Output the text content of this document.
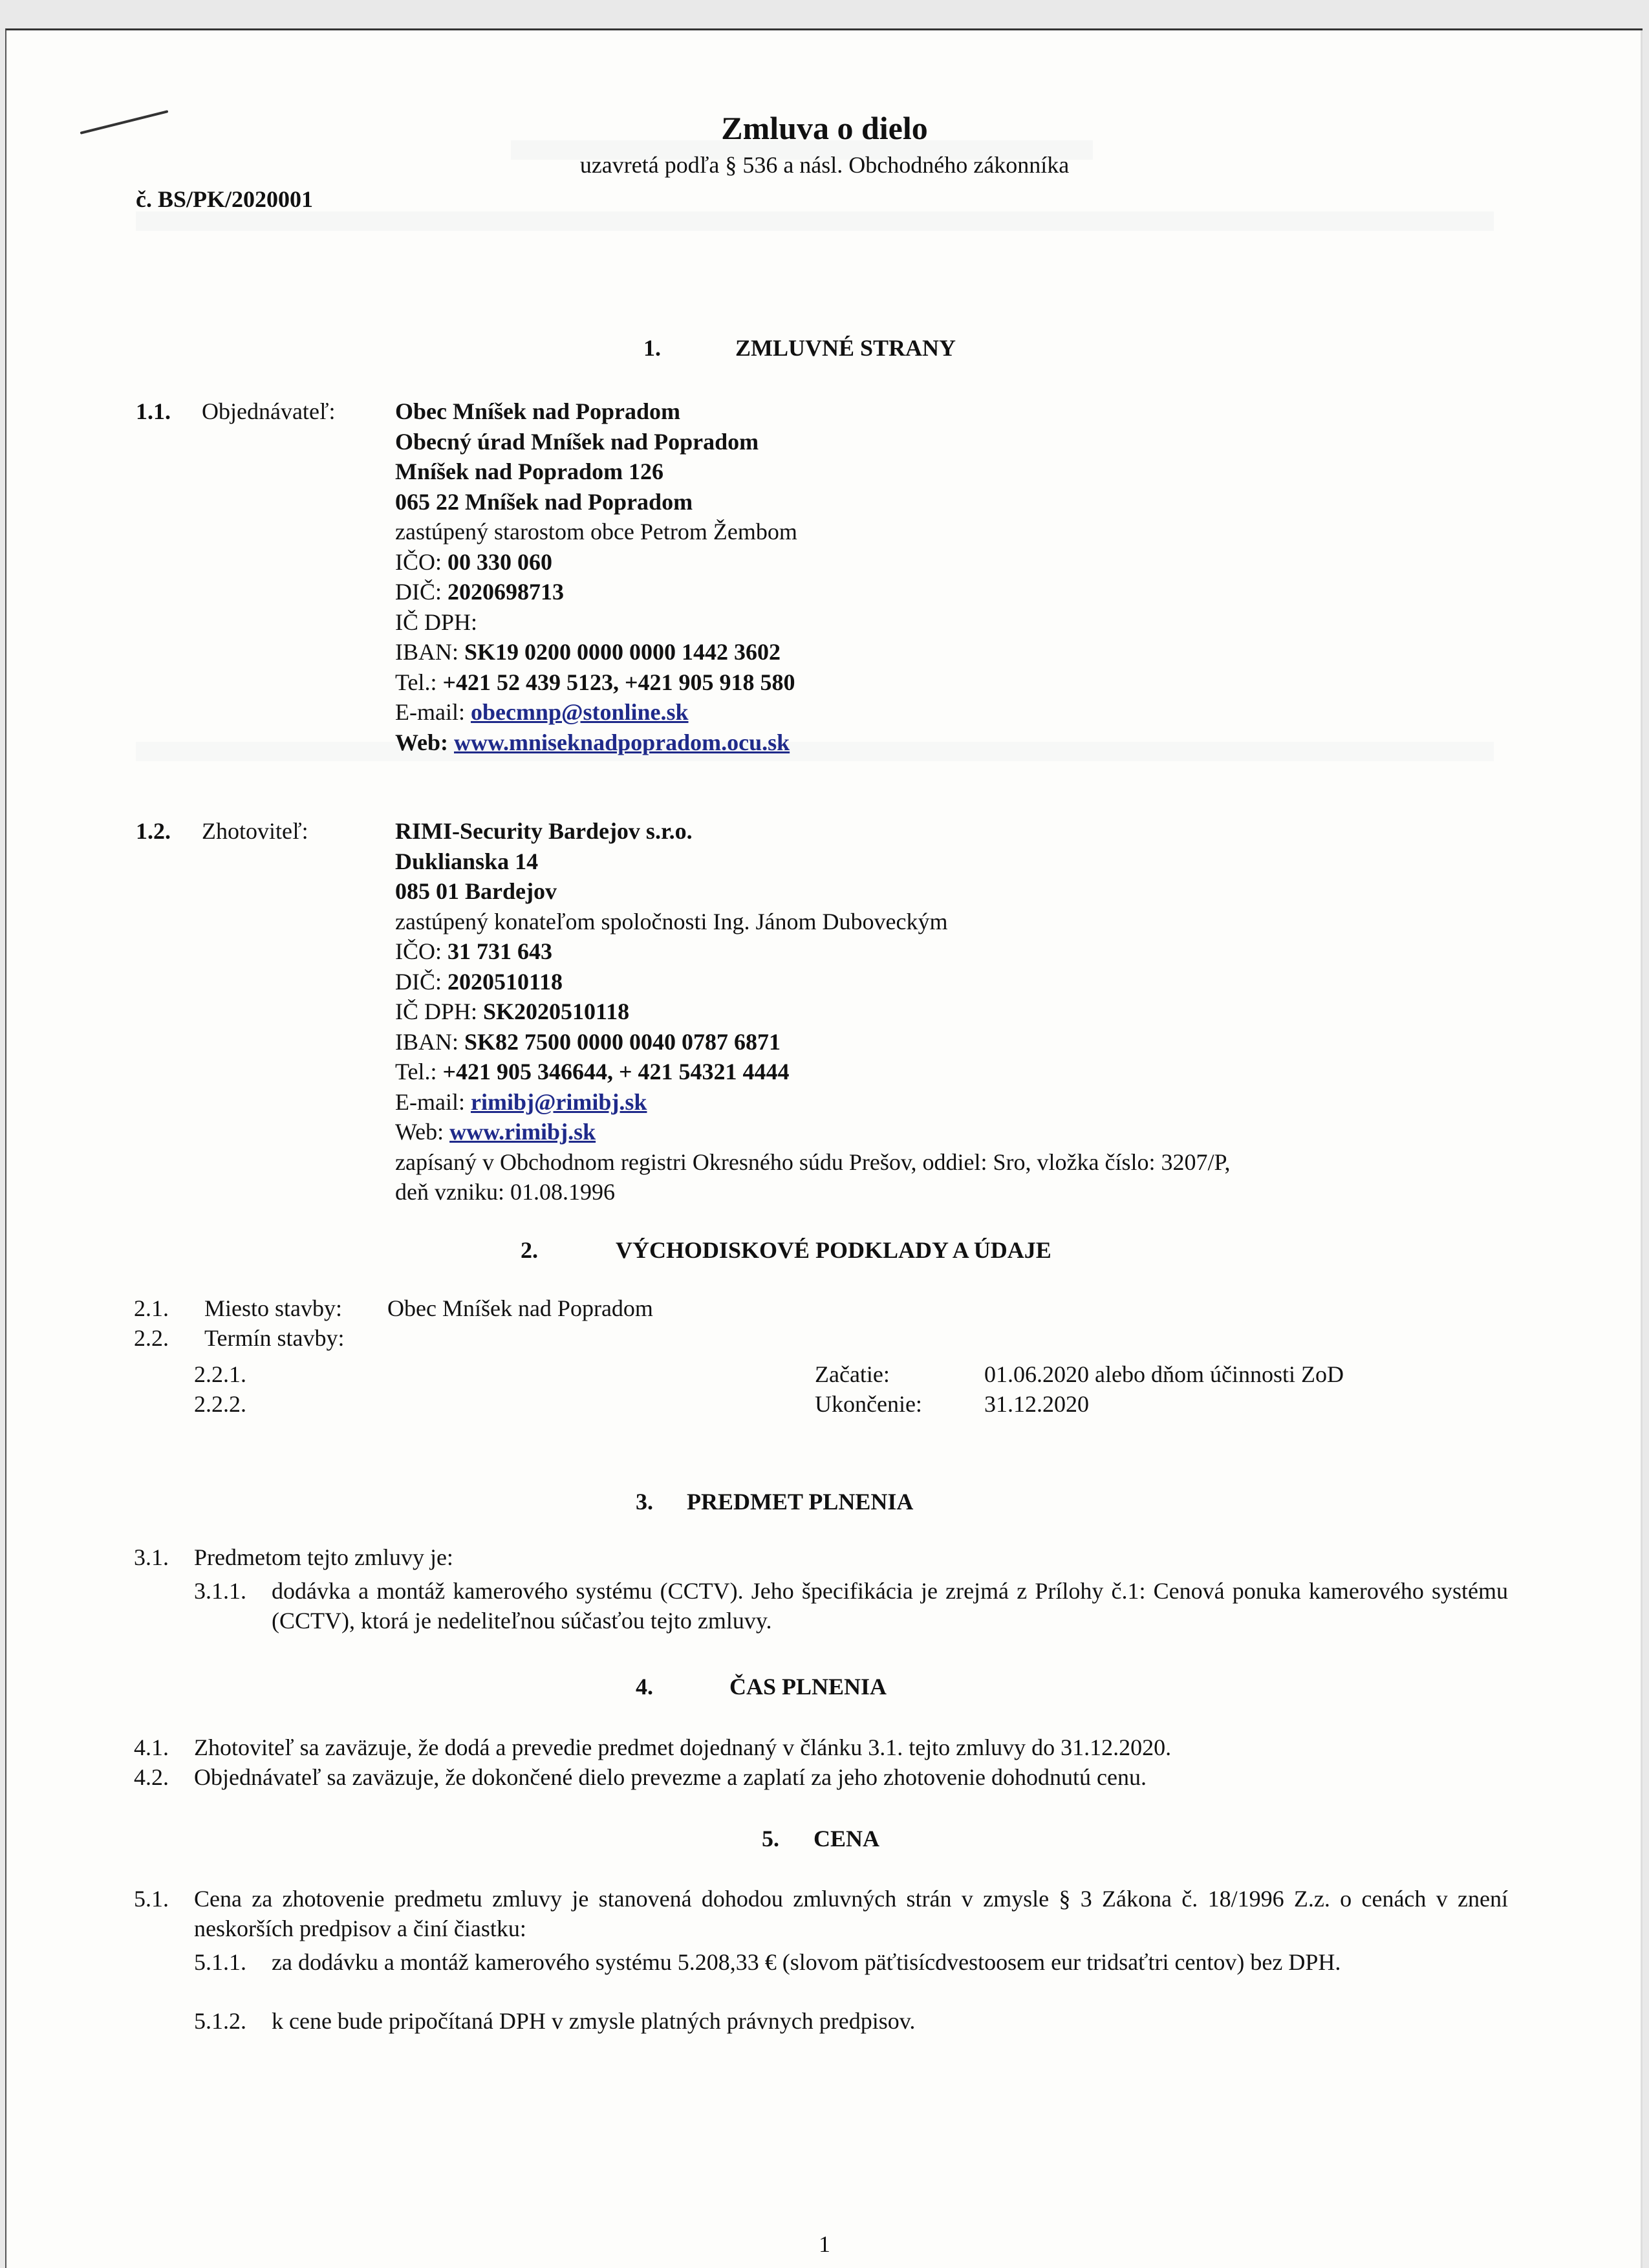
Zmluva o dielo
uzavretá podľa § 536 a násl. Obchodného zákonníka
č. BS/PK/2020001
1.	ZMLUVNÉ STRANY
1.1. Objednávateľ:	Obec Mníšek nad Popradom
Obecný úrad Mníšek nad Popradom
Mníšek nad Popradom 126
065 22 Mníšek nad Popradom
zastúpený starostom obce Petrom Žembom
IČO: 00 330 060
DIČ: 2020698713
IČ DPH:
IBAN: SK19 0200 0000 0000 1442 3602
Tel.: +421 52 439 5123, +421 905 918 580
E-mail: obecmnp@stonline.sk
Web: www.mniseknadpopradom.ocu.sk
1.2. Zhotoviteľ:	RIMI-Security Bardejov s.r.o.
Duklianska 14
085 01 Bardejov
zastúpený konateľom spoločnosti Ing. Jánom Duboveckým
IČO: 31 731 643
DIČ: 2020510118
IČ DPH: SK2020510118
IBAN: SK82 7500 0000 0040 0787 6871
Tel.: +421 905 346644, + 421 54321 4444
E-mail: rimibj@rimibj.sk
Web: www.rimibj.sk
zapísaný v Obchodnom registri Okresného súdu Prešov, oddiel: Sro, vložka číslo: 3207/P,
deň vzniku: 01.08.1996
2.	VÝCHODISKOVÉ PODKLADY A ÚDAJE
2.1. Miesto stavby: Obec Mníšek nad Popradom
2.2. Termín stavby:
2.2.1.	Začatie:	01.06.2020 alebo dňom účinnosti ZoD
2.2.2.	Ukončenie:	31.12.2020
3. PREDMET PLNENIA
3.1. Predmetom tejto zmluvy je:
3.1.1. dodávka a montáž kamerového systému (CCTV). Jeho špecifikácia je zrejmá z Prílohy č.1: Cenová ponuka kamerového systému (CCTV), ktorá je nedeliteľnou súčasťou tejto zmluvy.
4.	ČAS PLNENIA
4.1. Zhotoviteľ sa zaväzuje, že dodá a prevedie predmet dojednaný v článku 3.1. tejto zmluvy do 31.12.2020.
4.2. Objednávateľ sa zaväzuje, že dokončené dielo prevezme a zaplatí za jeho zhotovenie dohodnutú cenu.
5. CENA
5.1. Cena za zhotovenie predmetu zmluvy je stanovená dohodou zmluvných strán v zmysle § 3 Zákona č. 18/1996 Z.z. o cenách v znení neskorších predpisov a činí čiastku:
5.1.1. za dodávku a montáž kamerového systému 5.208,33 € (slovom päťtisícdvestoosem eur tridsaťtri centov) bez DPH.
5.1.2. k cene bude pripočítaná DPH v zmysle platných právnych predpisov.
1
